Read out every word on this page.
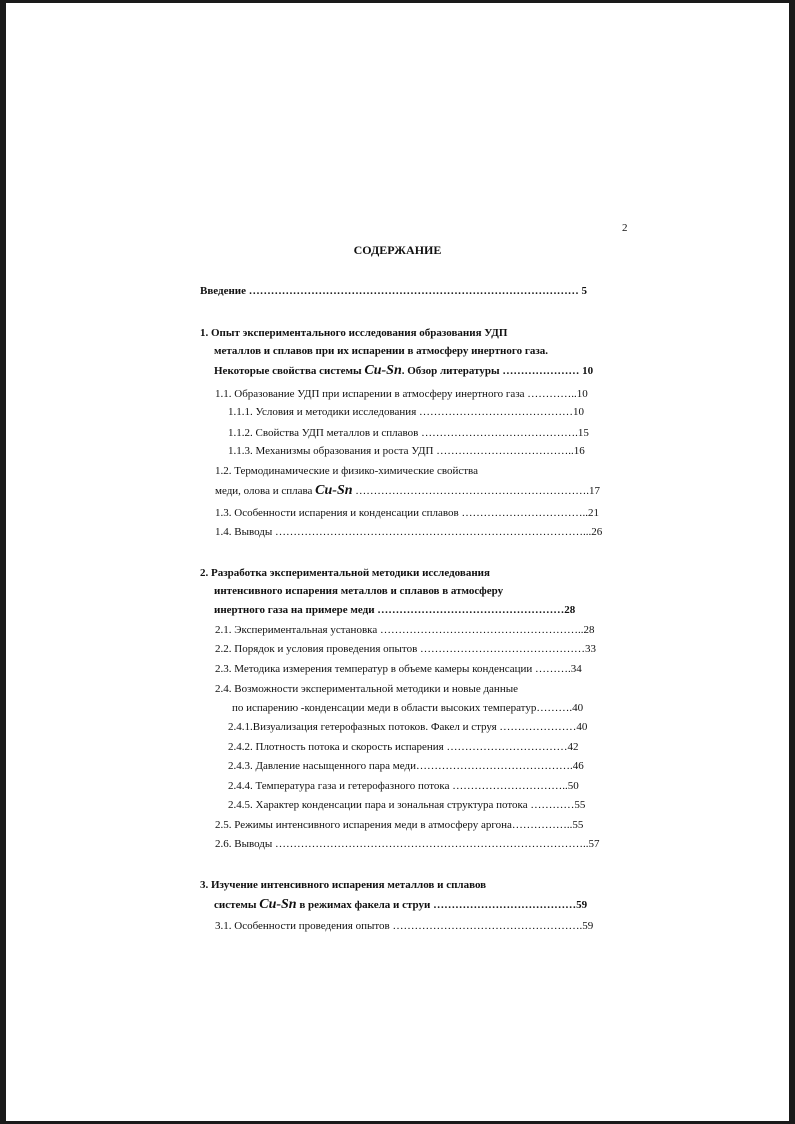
2
СОДЕРЖАНИЕ
Введение ……………………………………………………………………………… 5
1. Опыт экспериментального исследования образования УДП
металлов и сплавов при их испарении в атмосферу инертного газа.
Некоторые свойства системы Cu-Sn. Обзор литературы ………………… 10
1.1. Образование УДП при испарении в атмосферу инертного газа …………..10
1.1.1. Условия и методики исследования ……………………………………10
1.1.2. Свойства УДП металлов и сплавов …………………………………….15
1.1.3. Механизмы образования и роста УДП ………………………………..16
1.2. Термодинамические и физико-химические свойства
меди, олова и сплава Cu-Sn ……………………………………………………….17
1.3. Особенности испарения и конденсации сплавов ……………………………..21
1.4. Выводы …………………………………………………………………………...26
2. Разработка экспериментальной методики исследования
интенсивного испарения металлов и сплавов в атмосферу
инертного газа на примере меди ……………………………………………28
2.1. Экспериментальная установка ………………………………………………..28
2.2. Порядок и условия проведения опытов ………………………………………33
2.3. Методика измерения температур в объеме камеры конденсации ……….34
2.4. Возможности экспериментальной методики и новые данные
по испарению -конденсации меди в области высоких температур……….40
2.4.1.Визуализация гетерофазных потоков. Факел и струя …………………40
2.4.2. Плотность потока и скорость испарения ……………………………42
2.4.3. Давление насыщенного пара меди…………………………………….46
2.4.4. Температура газа и гетерофазного потока …………………………..50
2.4.5. Характер конденсации пара и зональная структура потока …………55
2.5. Режимы интенсивного испарения меди в атмосферу аргона……………..55
2.6. Выводы …………………………………………………………………………..57
3. Изучение интенсивного испарения металлов и сплавов
системы Cu-Sn в режимах факела и струи …………………………………59
3.1. Особенности проведения опытов …………………………………………….59
